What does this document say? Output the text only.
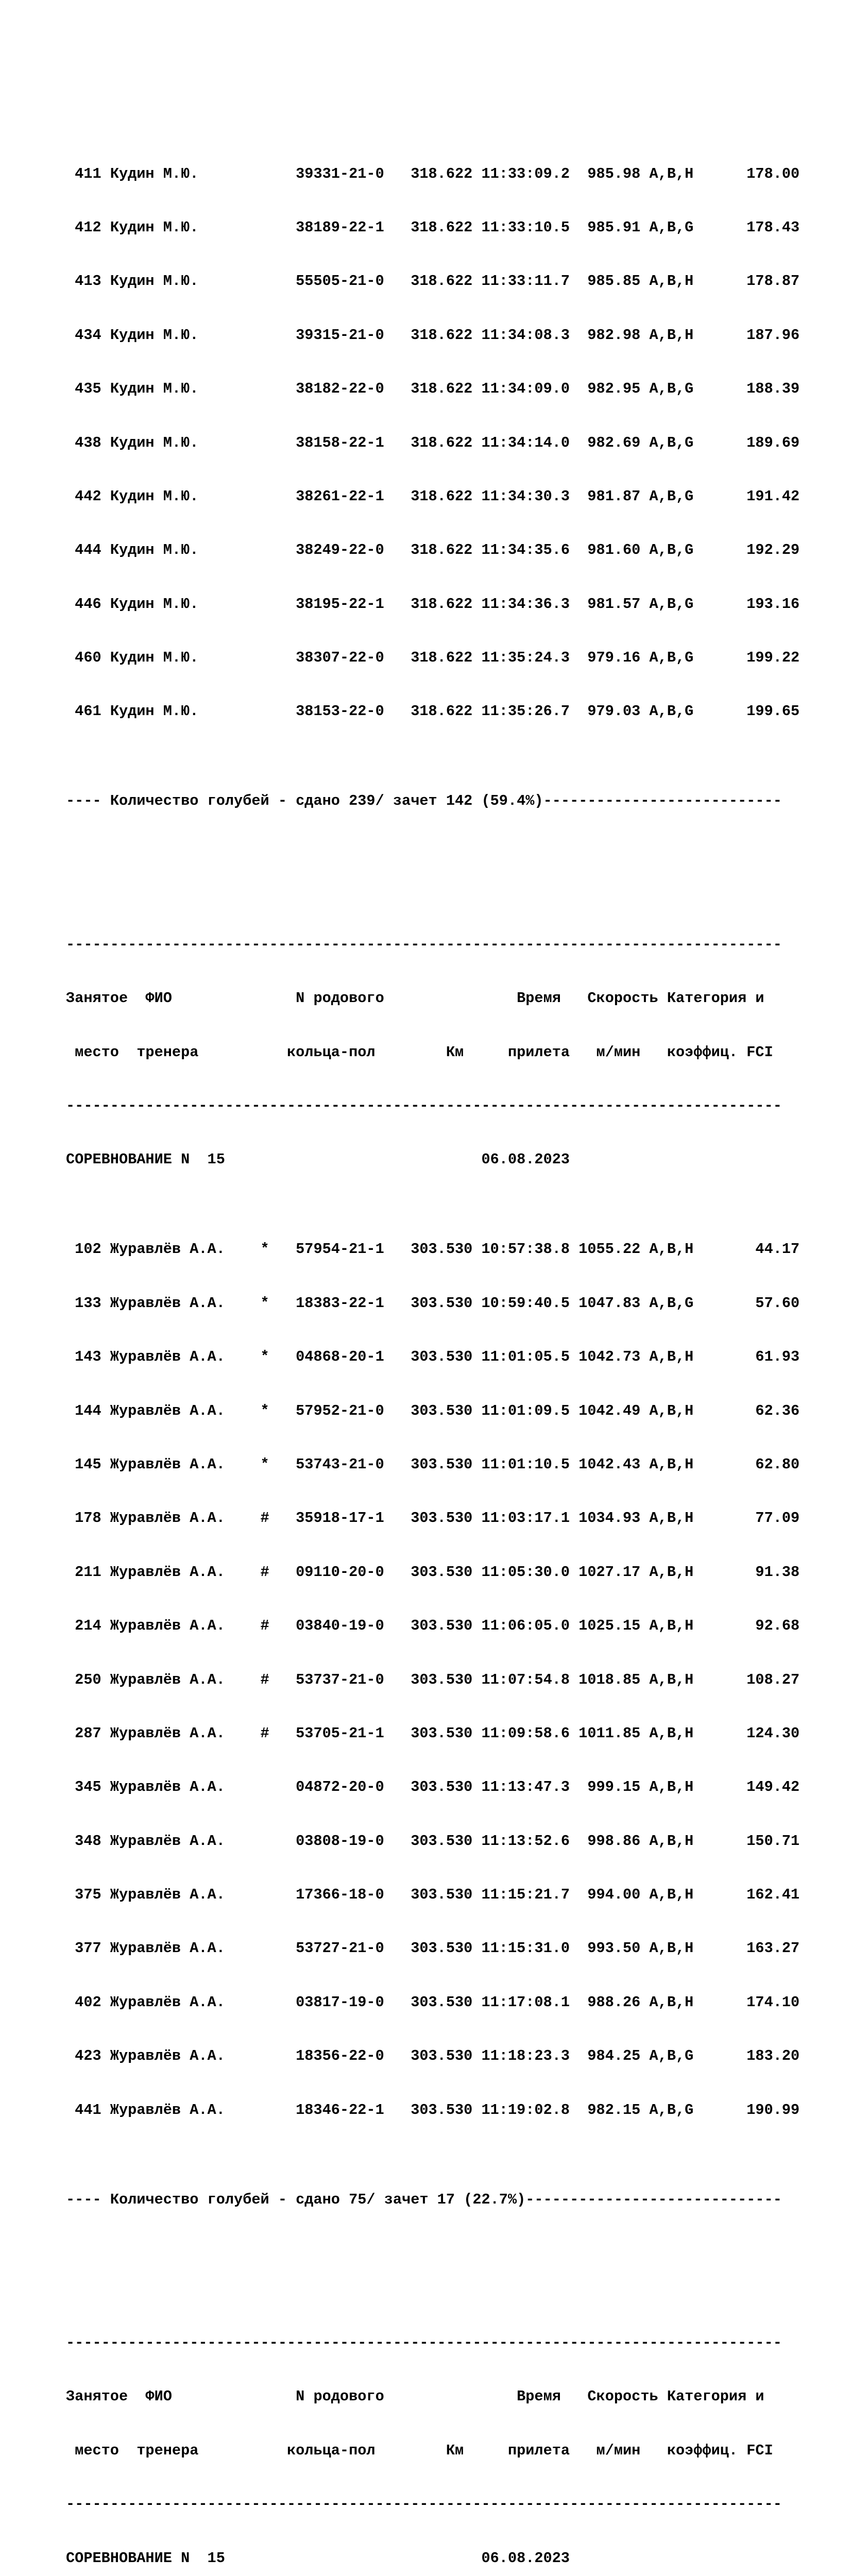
411 Кудин М.Ю.           39331-21-0   318.622 11:33:09.2  985.98 A,B,H      178.00

412 Кудин М.Ю.           38189-22-1   318.622 11:33:10.5  985.91 A,B,G      178.43

413 Кудин М.Ю.           55505-21-0   318.622 11:33:11.7  985.85 A,B,H      178.87

434 Кудин М.Ю.           39315-21-0   318.622 11:34:08.3  982.98 A,B,H      187.96

435 Кудин М.Ю.           38182-22-0   318.622 11:34:09.0  982.95 A,B,G      188.39

438 Кудин М.Ю.           38158-22-1   318.622 11:34:14.0  982.69 A,B,G      189.69

442 Кудин М.Ю.           38261-22-1   318.622 11:34:30.3  981.87 A,B,G      191.42

444 Кудин М.Ю.           38249-22-0   318.622 11:34:35.6  981.60 A,B,G      192.29

446 Кудин М.Ю.           38195-22-1   318.622 11:34:36.3  981.57 A,B,G      193.16

460 Кудин М.Ю.           38307-22-0   318.622 11:35:24.3  979.16 A,B,G      199.22

461 Кудин М.Ю.           38153-22-0   318.622 11:35:26.7  979.03 A,B,G      199.65

---- Количество голубей - сдано 239/ зачет 142 (59.4%)---------------------------

---------------------------------------------------------------------------------

Занятое  ФИО              N родового               Время   Скорость Категория и

место  тренера          кольца-пол        Км     прилета   м/мин   коэффиц. FCI

---------------------------------------------------------------------------------

СОРЕВНОВАНИЕ N  15                             06.08.2023

102 Журавлёв А.А.    *   57954-21-1   303.530 10:57:38.8 1055.22 A,B,H       44.17

133 Журавлёв А.А.    *   18383-22-1   303.530 10:59:40.5 1047.83 A,B,G       57.60

143 Журавлёв А.А.    *   04868-20-1   303.530 11:01:05.5 1042.73 A,B,H       61.93

144 Журавлёв А.А.    *   57952-21-0   303.530 11:01:09.5 1042.49 A,B,H       62.36

145 Журавлёв А.А.    *   53743-21-0   303.530 11:01:10.5 1042.43 A,B,H       62.80

178 Журавлёв А.А.    #   35918-17-1   303.530 11:03:17.1 1034.93 A,B,H       77.09

211 Журавлёв А.А.    #   09110-20-0   303.530 11:05:30.0 1027.17 A,B,H       91.38

214 Журавлёв А.А.    #   03840-19-0   303.530 11:06:05.0 1025.15 A,B,H       92.68

250 Журавлёв А.А.    #   53737-21-0   303.530 11:07:54.8 1018.85 A,B,H      108.27

287 Журавлёв А.А.    #   53705-21-1   303.530 11:09:58.6 1011.85 A,B,H      124.30

345 Журавлёв А.А.        04872-20-0   303.530 11:13:47.3  999.15 A,B,H      149.42

348 Журавлёв А.А.        03808-19-0   303.530 11:13:52.6  998.86 A,B,H      150.71

375 Журавлёв А.А.        17366-18-0   303.530 11:15:21.7  994.00 A,B,H      162.41

377 Журавлёв А.А.        53727-21-0   303.530 11:15:31.0  993.50 A,B,H      163.27

402 Журавлёв А.А.        03817-19-0   303.530 11:17:08.1  988.26 A,B,H      174.10

423 Журавлёв А.А.        18356-22-0   303.530 11:18:23.3  984.25 A,B,G      183.20

441 Журавлёв А.А.        18346-22-1   303.530 11:19:02.8  982.15 A,B,G      190.99

---- Количество голубей - сдано 75/ зачет 17 (22.7%)-----------------------------

---------------------------------------------------------------------------------

Занятое  ФИО              N родового               Время   Скорость Категория и

место  тренера          кольца-пол        Км     прилета   м/мин   коэффиц. FCI

---------------------------------------------------------------------------------

СОРЕВНОВАНИЕ N  15                             06.08.2023
